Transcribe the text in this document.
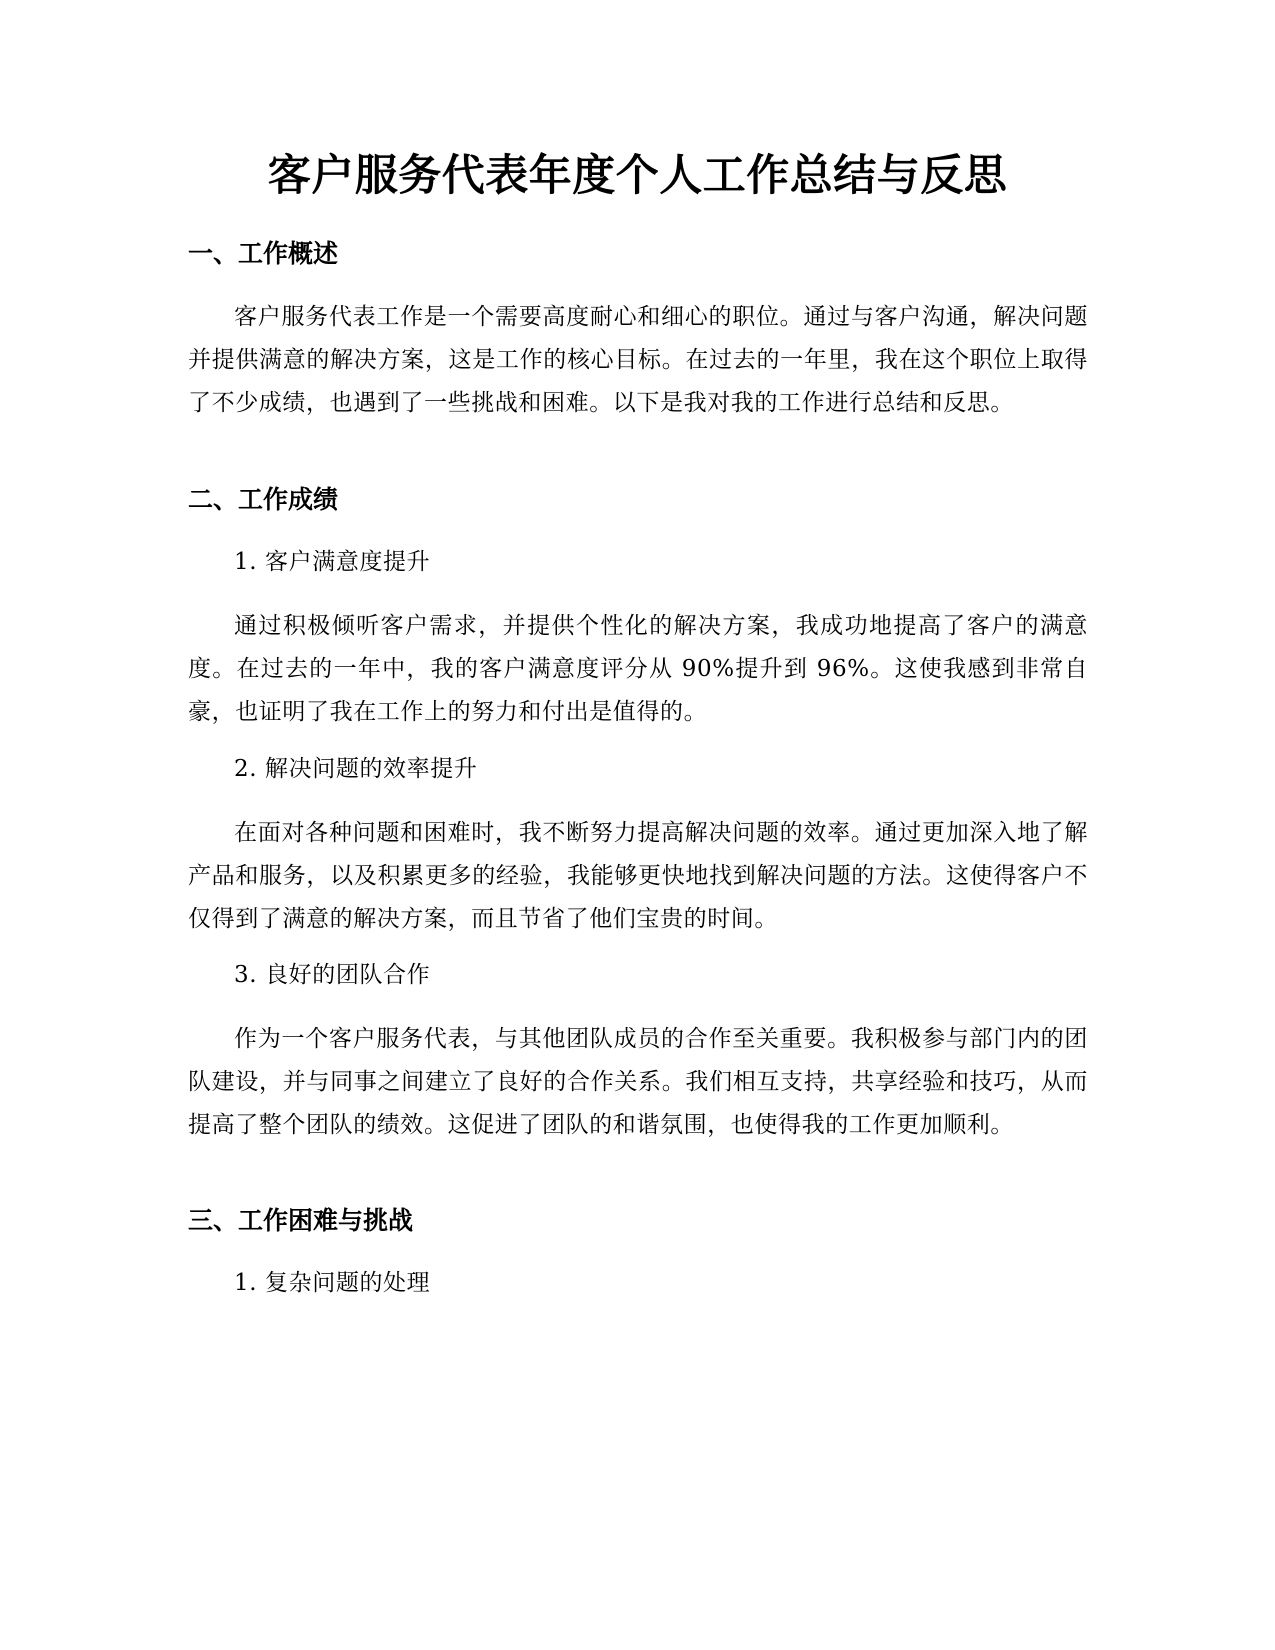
客户服务代表年度个人工作总结与反思
一、工作概述

客户服务代表工作是一个需要高度耐心和细心的职位。通过与客户沟通，解决问题并提供满意的解决方案，这是工作的核心目标。在过去的一年里，我在这个职位上取得了不少成绩，也遇到了一些挑战和困难。以下是我对我的工作进行总结和反思。

二、工作成绩

1. 客户满意度提升

通过积极倾听客户需求，并提供个性化的解决方案，我成功地提高了客户的满意度。在过去的一年中，我的客户满意度评分从 90%提升到 96%。这使我感到非常自豪，也证明了我在工作上的努力和付出是值得的。

2. 解决问题的效率提升

在面对各种问题和困难时，我不断努力提高解决问题的效率。通过更加深入地了解产品和服务，以及积累更多的经验，我能够更快地找到解决问题的方法。这使得客户不仅得到了满意的解决方案，而且节省了他们宝贵的时间。

3. 良好的团队合作

作为一个客户服务代表，与其他团队成员的合作至关重要。我积极参与部门内的团队建设，并与同事之间建立了良好的合作关系。我们相互支持，共享经验和技巧，从而提高了整个团队的绩效。这促进了团队的和谐氛围，也使得我的工作更加顺利。

三、工作困难与挑战

1. 复杂问题的处理
